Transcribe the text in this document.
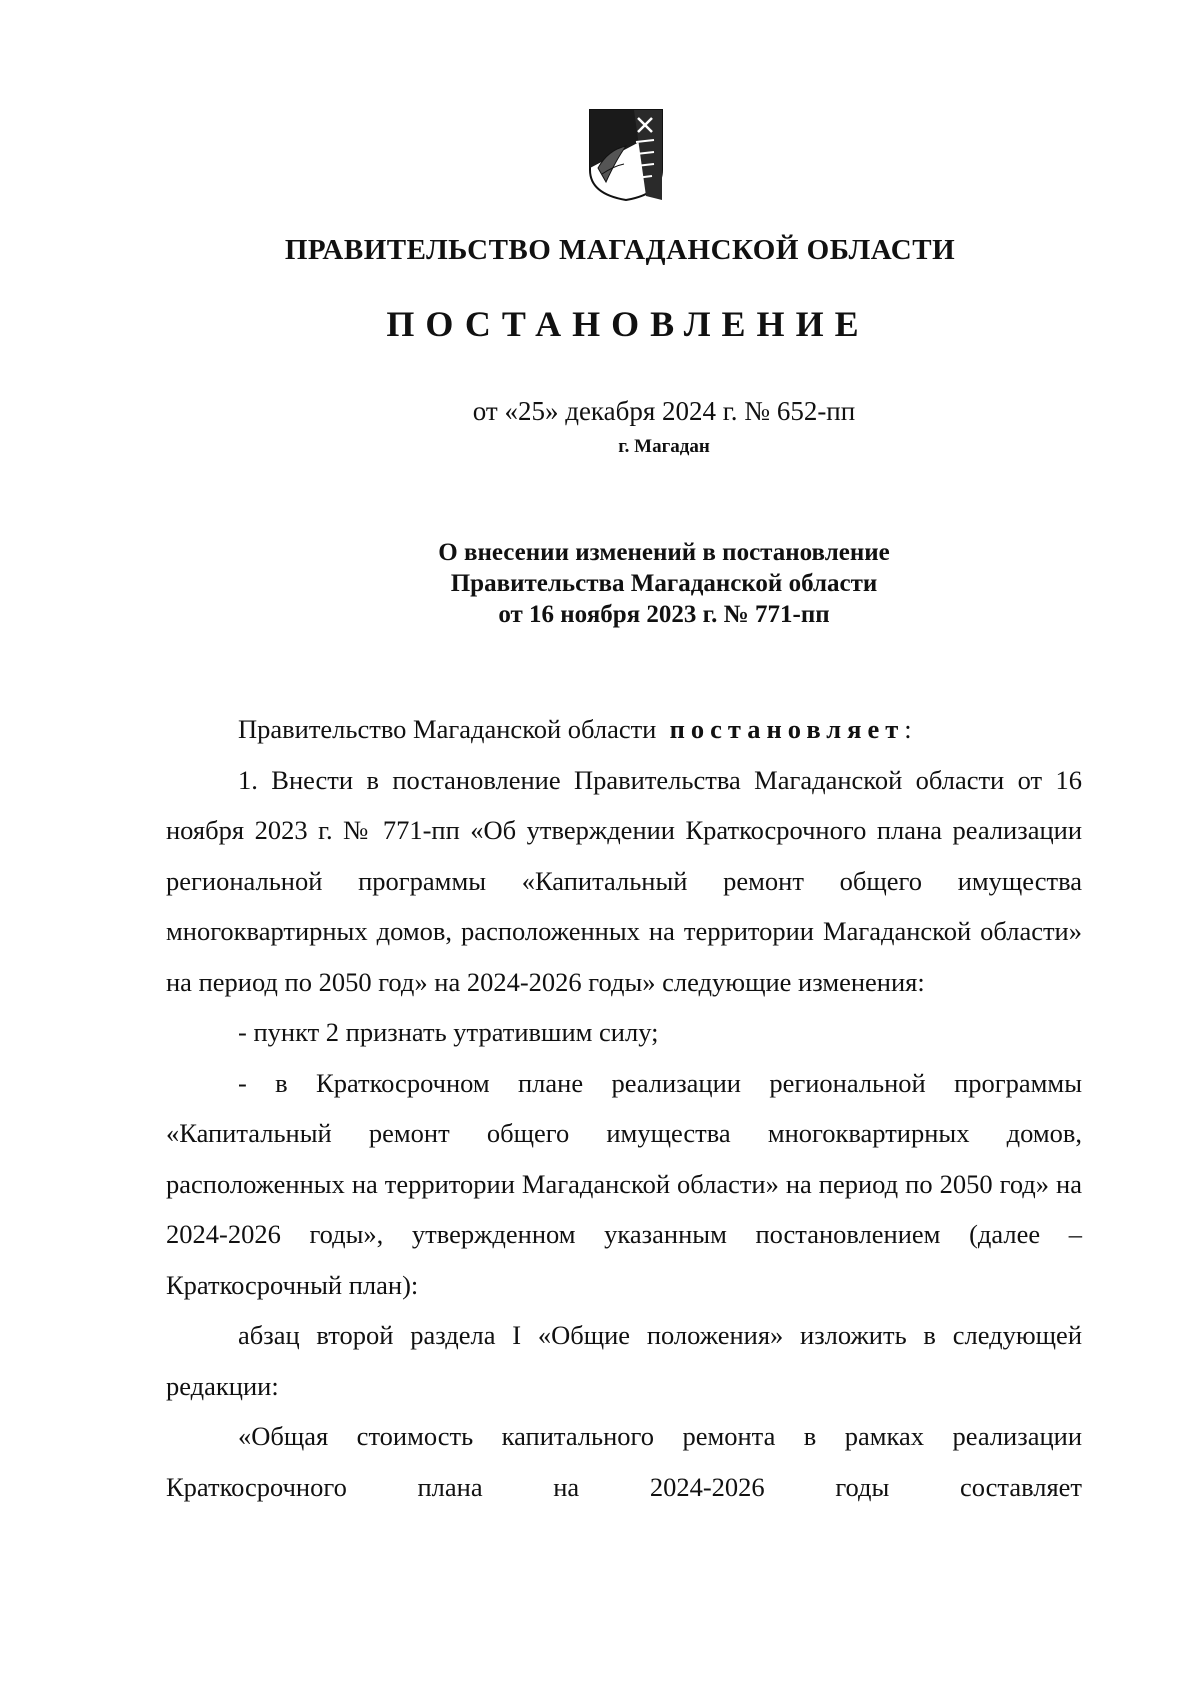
ПРАВИТЕЛЬСТВО МАГАДАНСКОЙ ОБЛАСТИ
ПОСТАНОВЛЕНИЕ
от «25» декабря 2024 г. № 652-пп
г. Магадан
О внесении изменений в постановление
Правительства Магаданской области
от 16 ноября 2023 г. № 771-пп

Правительство Магаданской области постановляет:

1. Внести в постановление Правительства Магаданской области от 16 ноября 2023 г. № 771-пп «Об утверждении Краткосрочного плана реализации региональной программы «Капитальный ремонт общего имущества многоквартирных домов, расположенных на территории Магаданской области» на период по 2050 год» на 2024-2026 годы» следующие изменения:

- пункт 2 признать утратившим силу;

- в Краткосрочном плане реализации региональной программы «Капитальный ремонт общего имущества многоквартирных домов, расположенных на территории Магаданской области» на период по 2050 год» на 2024-2026 годы», утвержденном указанным постановлением (далее – Краткосрочный план):

абзац второй раздела I «Общие положения» изложить в следующей редакции:

«Общая стоимость капитального ремонта в рамках реализации Краткосрочного плана на 2024-2026 годы составляет
